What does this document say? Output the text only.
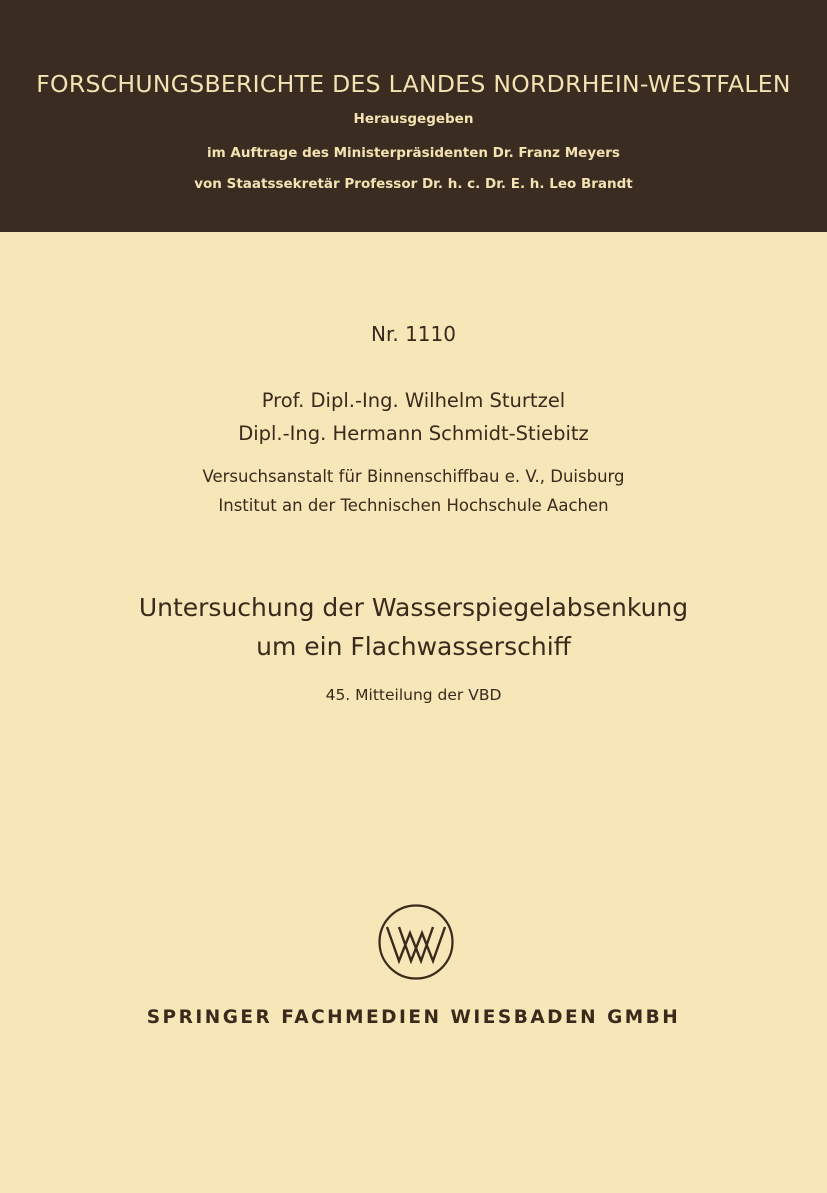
FORSCHUNGSBERICHTE DES LANDES NORDRHEIN-WESTFALEN
Herausgegeben
im Auftrage des Ministerpräsidenten Dr. Franz Meyers
von Staatssekretär Professor Dr. h. c. Dr. E. h. Leo Brandt
Nr. 1110
Prof. Dipl.-Ing. Wilhelm Sturtzel
Dipl.-Ing. Hermann Schmidt-Stiebitz
Versuchsanstalt für Binnenschiffbau e. V., Duisburg
Institut an der Technischen Hochschule Aachen
Untersuchung der Wasserspiegelabsenkung
um ein Flachwasserschiff
45. Mitteilung der VBD
SPRINGER FACHMEDIEN WIESBADEN GMBH
